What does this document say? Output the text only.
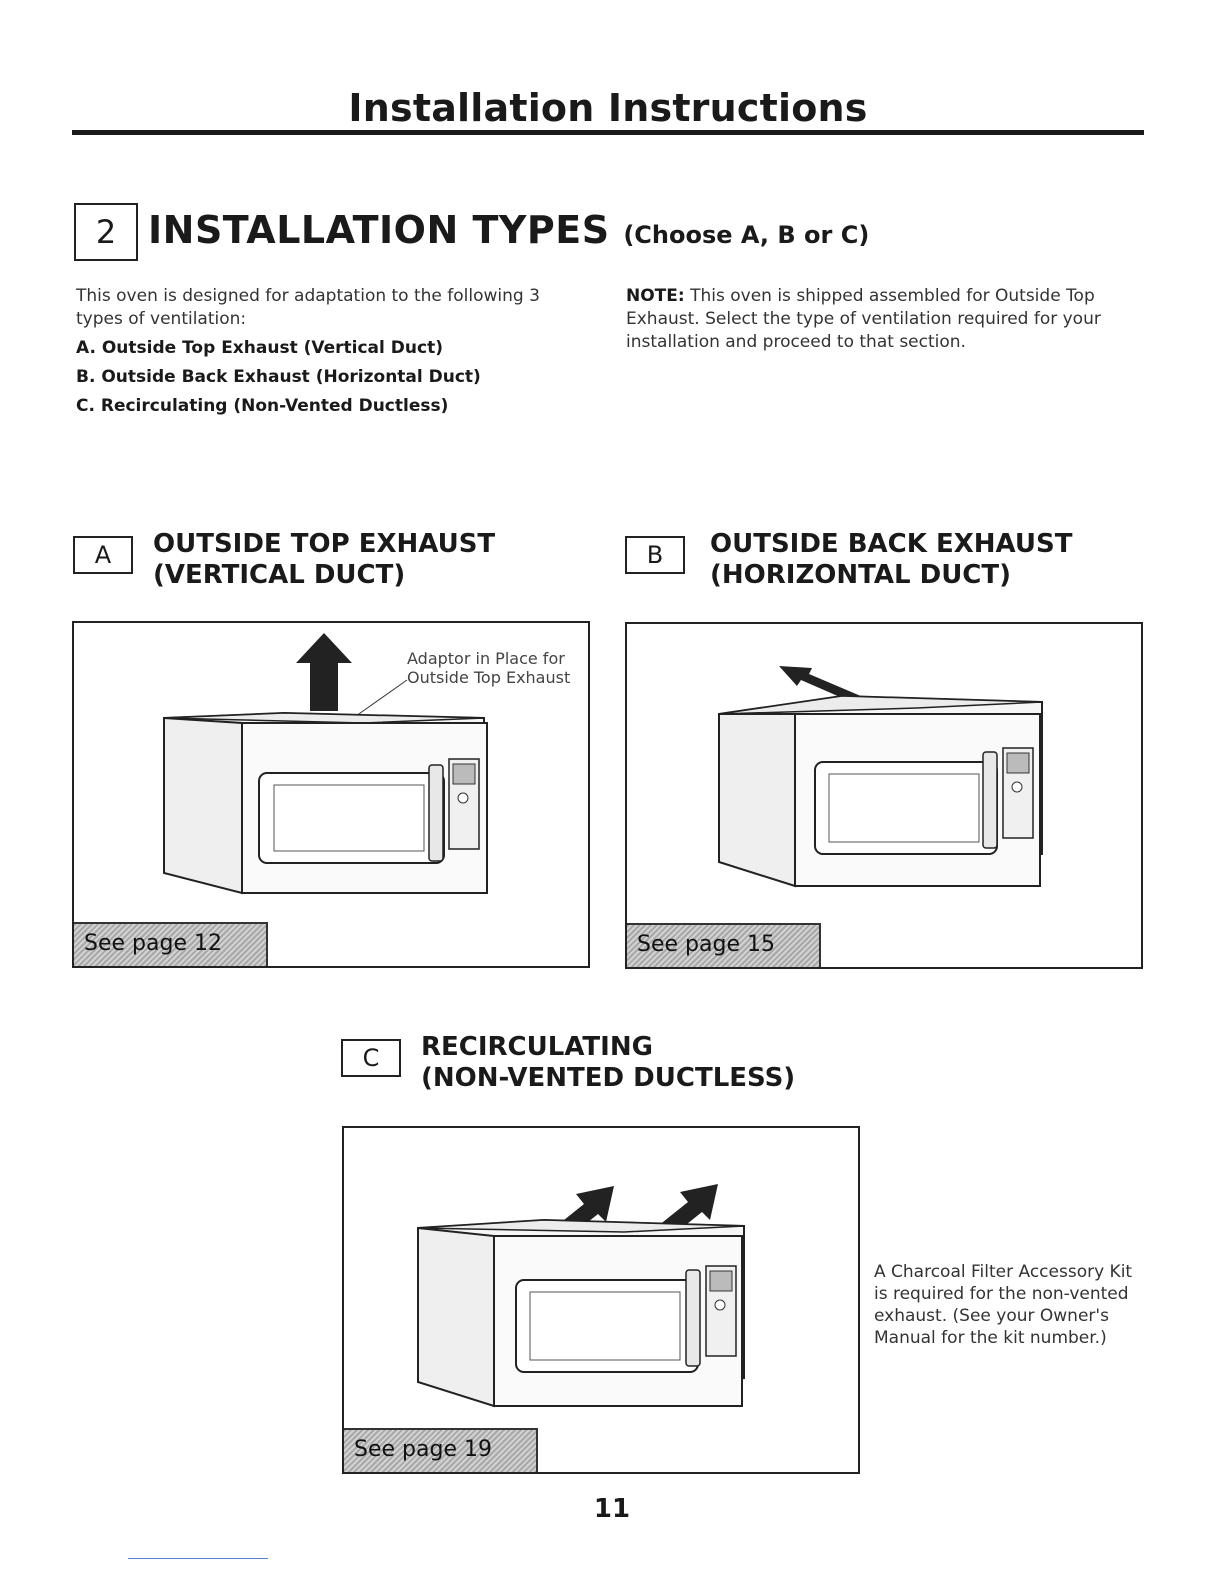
Installation Instructions
2 INSTALLATION TYPES (Choose A, B or C)
This oven is designed for adaptation to the following 3 types of ventilation:
A. Outside Top Exhaust (Vertical Duct)
B. Outside Back Exhaust (Horizontal Duct)
C. Recirculating (Non-Vented Ductless)
NOTE: This oven is shipped assembled for Outside Top Exhaust. Select the type of ventilation required for your installation and proceed to that section.
A	OUTSIDE TOP EXHAUST
(VERTICAL DUCT)
B	OUTSIDE BACK EXHAUST
(HORIZONTAL DUCT)
Adaptor in Place for
Outside Top Exhaust
See page 12	See page 15
C	RECIRCULATING
(NON-VENTED DUCTLESS)
See page 19
A Charcoal Filter Accessory Kit is required for the non-vented exhaust. (See your Owner's Manual for the kit number.)
11
